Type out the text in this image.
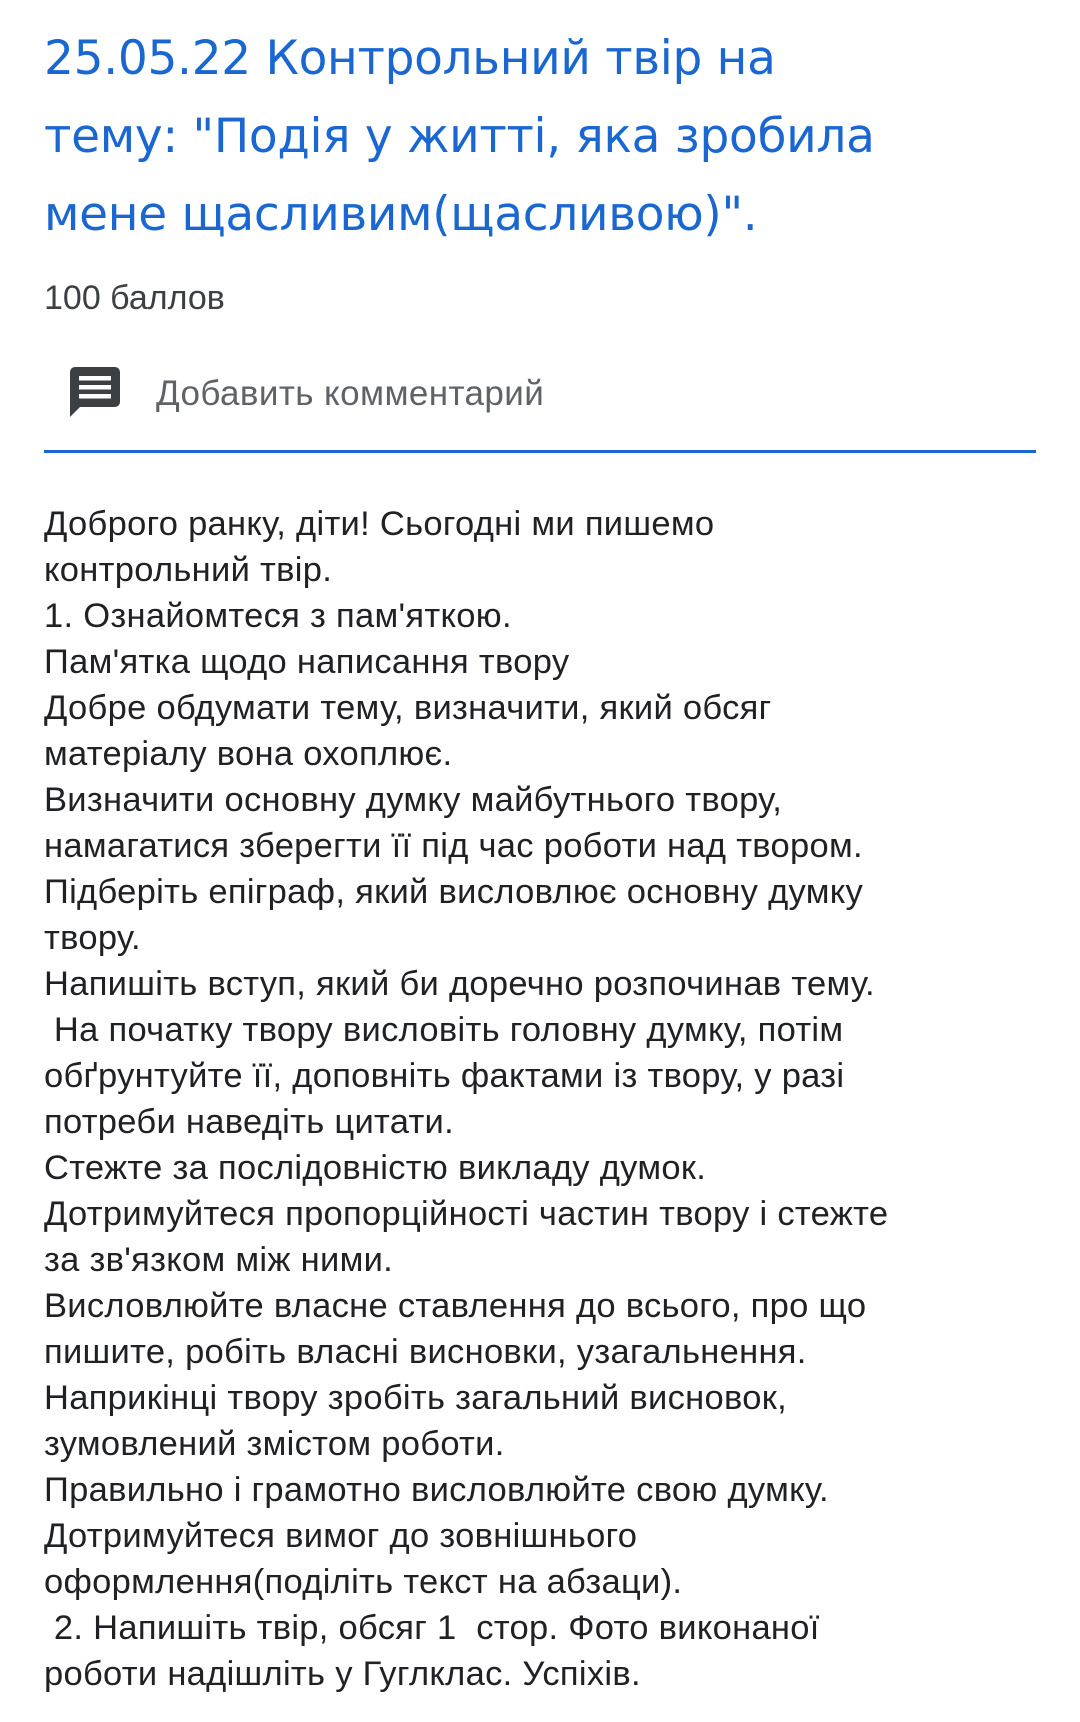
25.05.22 Контрольний твір на
тему: "Подія у житті, яка зробила
мене щасливим(щасливою)".
100 баллов
Добавить комментарий
Доброго ранку, діти! Сьогодні ми пишемо
контрольний твір.
1. Ознайомтеся з пам'яткою.
Пам'ятка щодо написання твору
Добре обдумати тему, визначити, який обсяг
матеріалу вона охоплює.
Визначити основну думку майбутнього твору,
намагатися зберегти її під час роботи над твором.
Підберіть епіграф, який висловлює основну думку
твору.
Напишіть вступ, який би доречно розпочинав тему.
На початку твору висловіть головну думку, потім
обґрунтуйте її, доповніть фактами із твору, у разі
потреби наведіть цитати.
Стежте за послідовністю викладу думок.
Дотримуйтеся пропорційності частин твору і стежте
за зв'язком між ними.
Висловлюйте власне ставлення до всього, про що
пишите, робіть власні висновки, узагальнення.
Наприкінці твору зробіть загальний висновок,
зумовлений змістом роботи.
Правильно і грамотно висловлюйте свою думку.
Дотримуйтеся вимог до зовнішнього
оформлення(поділіть текст на абзаци).
2. Напишіть твір, обсяг 1  стор. Фото виконаної
роботи надішліть у Гуглклас. Успіхів.
